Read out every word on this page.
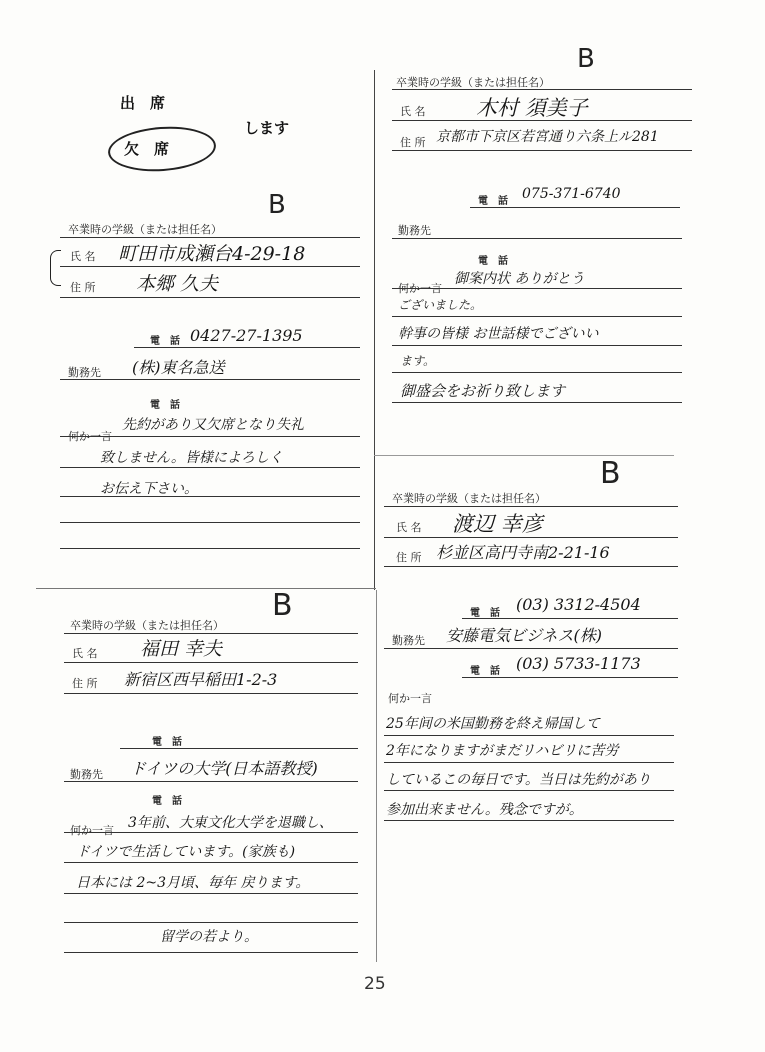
出　席
します
欠　席
B
卒業時の学級（または担任名）
氏 名 町田市成瀬台4-29-18
住 所 本郷 久夫
電　話 0427-27-1395
勤務先 (株)東名急送
電　話
何か一言
先約があり又欠席となり失礼
致しません。皆様によろしく
お伝え下さい。
B
卒業時の学級（または担任名）
氏 名 木村 須美子
住 所 京都市下京区若宮通り六条上ル281
電　話 075-371-6740
勤務先
電　話
何か一言
御案内状 ありがとう
ございました。
幹事の皆様 お世話様でございい
ます。
御盛会をお祈り致します
B
卒業時の学級（または担任名）
氏 名 渡辺 幸彦
住 所 杉並区高円寺南2-21-16
電　話 (03) 3312-4504
勤務先 安藤電気ビジネス(株)
電　話 (03) 5733-1173
何か一言
25年间の米国勤務を終え帰国して
2年になりますがまだリハビリに苦労
しているこの毎日です。当日は先約があり
参加出来ません。残念ですが。
B
卒業時の学級（または担任名）
氏 名 福田 幸夫
住 所 新宿区西早稲田1-2-3
電　話
勤務先 ドイツの大学(日本語教授)
電　話
何か一言 3年前、大東文化大学を退職し、
ドイツで生活しています。(家族も)
日本には 2~3月頃、毎年 戻ります。
留学の若より。
25
